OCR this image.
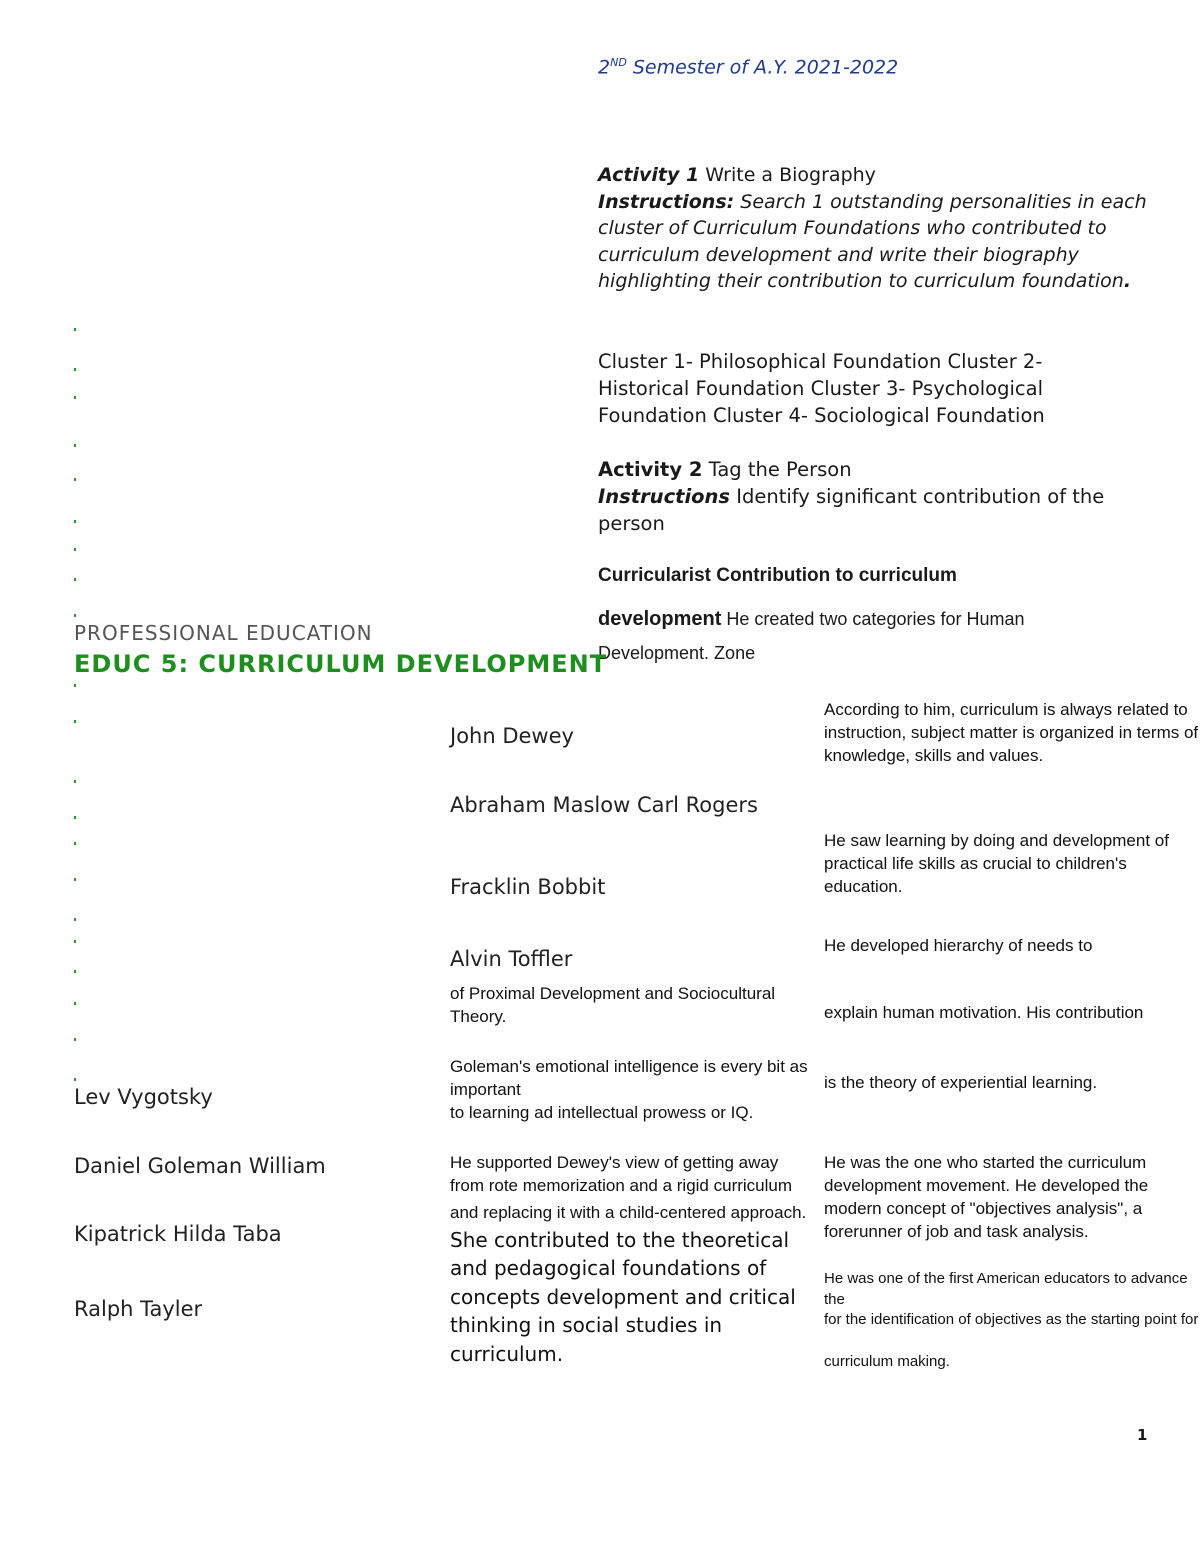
2ND Semester of A.Y. 2021-2022
Activity 1 Write a Biography
Instructions: Search 1 outstanding personalities in each cluster of Curriculum Foundations who contributed to curriculum development and write their biography highlighting their contribution to curriculum foundation.
Cluster 1- Philosophical Foundation Cluster 2- Historical Foundation Cluster 3- Psychological Foundation Cluster 4- Sociological Foundation
Activity 2 Tag the Person
Instructions Identify significant contribution of the person
Curricularist Contribution to curriculum
development He created two categories for Human Development. Zone
PROFESSIONAL EDUCATION
EDUC 5: CURRICULUM DEVELOPMENT
John Dewey
Abraham Maslow Carl Rogers
Fracklin Bobbit
Alvin Toffler
Lev Vygotsky
Daniel Goleman William
Kipatrick Hilda Taba
Ralph Tayler
According to him, curriculum is always related to instruction, subject matter is organized in terms of knowledge, skills and values.
He saw learning by doing and development of practical life skills as crucial to children's education.
He developed hierarchy of needs to
explain human motivation. His contribution
is the theory of experiential learning.
He was the one who started the curriculum development movement. He developed the modern concept of "objectives analysis", a forerunner of job and task analysis.
He was one of the first American educators to advance the
for the identification of objectives as the starting point for
curriculum making.
of Proximal Development and Sociocultural Theory.
Goleman's emotional intelligence is every bit as important
to learning ad intellectual prowess or IQ.
He supported Dewey's view of getting away from rote memorization and a rigid curriculum and replacing it with a child-centered approach. She contributed to the theoretical and pedagogical foundations of concepts development and critical thinking in social studies in curriculum.
1
